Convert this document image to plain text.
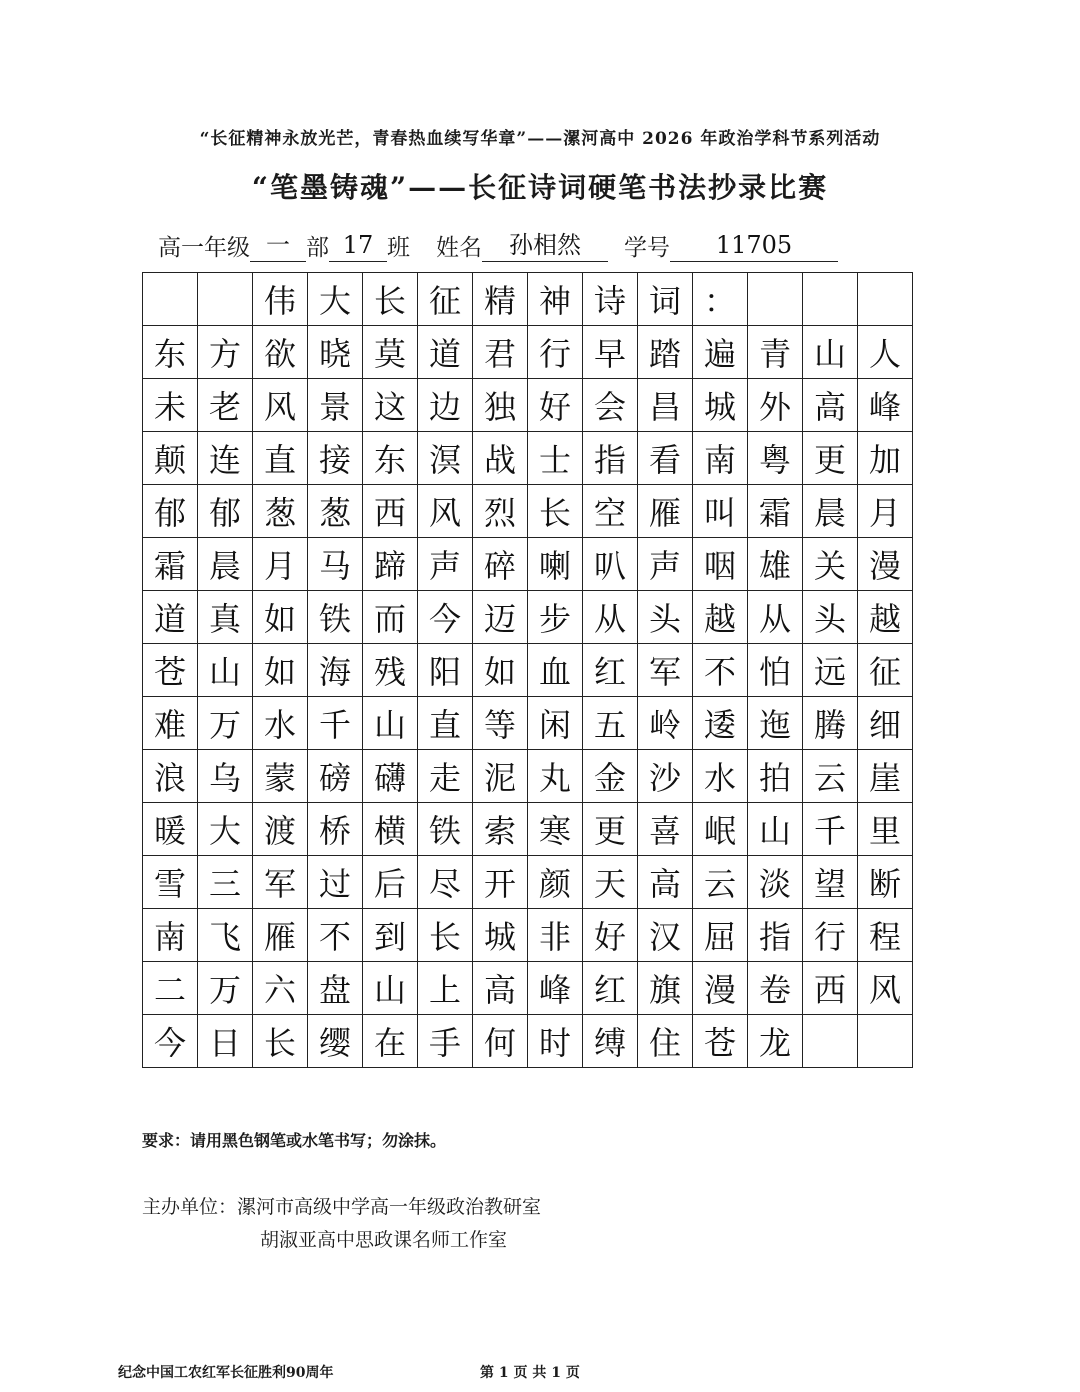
“长征精神永放光芒，青春热血续写华章”——漯河高中 2026 年政治学科节系列活动
“笔墨铸魂”——长征诗词硬笔书法抄录比赛
高一年级 一 部 17 班 姓名	孙相然	学号	11705
		伟	大	长	征	精	神	诗	词	：			
东	方	欲	晓	莫	道	君	行	早	踏	遍	青	山	人
未	老	风	景	这	边	独	好	会	昌	城	外	高	峰
颠	连	直	接	东	溟	战	士	指	看	南	粤	更	加
郁	郁	葱	葱	西	风	烈	长	空	雁	叫	霜	晨	月
霜	晨	月	马	蹄	声	碎	喇	叭	声	咽	雄	关	漫
道	真	如	铁	而	今	迈	步	从	头	越	从	头	越
苍	山	如	海	残	阳	如	血	红	军	不	怕	远	征
难	万	水	千	山	直	等	闲	五	岭	逶	迤	腾	细
浪	乌	蒙	磅	礴	走	泥	丸	金	沙	水	拍	云	崖
暖	大	渡	桥	横	铁	索	寒	更	喜	岷	山	千	里
雪	三	军	过	后	尽	开	颜	天	高	云	淡	望	断
南	飞	雁	不	到	长	城	非	好	汉	屈	指	行	程
二	万	六	盘	山	上	高	峰	红	旗	漫	卷	西	风
今	日	长	缨	在	手	何	时	缚	住	苍	龙		
要求：请用黑色钢笔或水笔书写；勿涂抹。
主办单位：漯河市高级中学高一年级政治教研室
胡淑亚高中思政课名师工作室
纪念中国工农红军长征胜利90周年	第 1 页 共 1 页
